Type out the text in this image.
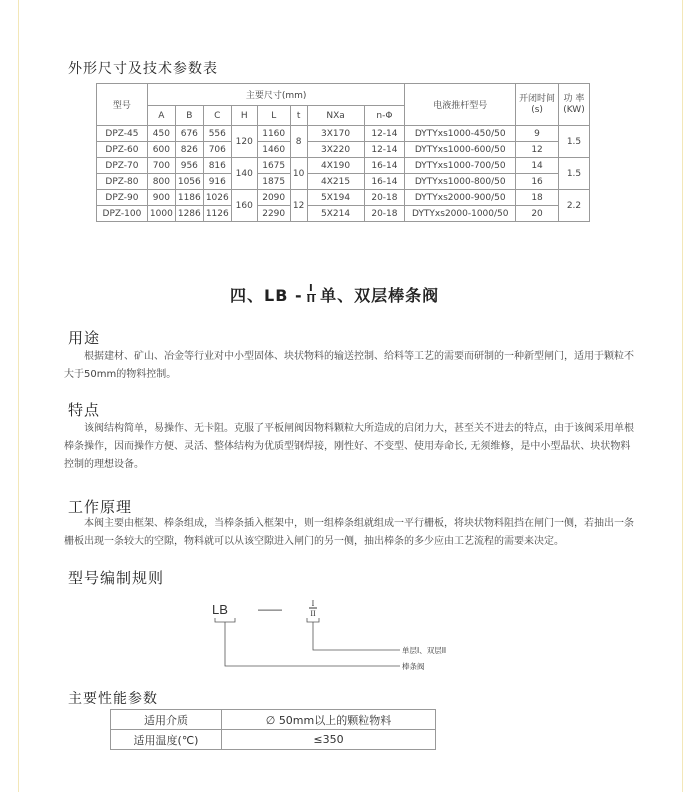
外形尺寸及技术参数表
型号	主要尺寸(mm)								电液推杆型号	开闭时间
(s)	功 率
(KW)
	A	B	C	H	L	t	NXa	n-Φ			
DPZ-45	450	676	556	120	1160	8	3X170	12-14	DYTYxs1000-450/50	9	1.5
DPZ-60	600	826	706		1460		3X220	12-14	DYTYxs1000-600/50	12	
DPZ-70	700	956	816	140	1675	10	4X190	16-14	DYTYxs1000-700/50	14	1.5
DPZ-80	800	1056	916		1875		4X215	16-14	DYTYxs1000-800/50	16	
DPZ-90	900	1186	1026	160	2090	12	5X194	20-18	DYTYxs2000-900/50	18	2.2
DPZ-100	1000	1286	1126		2290		5X214	20-18	DYTYxs2000-1000/50	20	
四、LB - $\frac{I}{II}$ 单、双层棒条阀
用途

　　根据建材、矿山、冶金等行业对中小型固体、块状物料的输送控制、给料等工艺的需要而研制的一种新型闸门，适用于颗粒不大于50mm的物料控制。

特点

　　该阀结构简单，易操作、无卡阻。克服了平板闸阀因物料颗粒大所造成的启闭力大，甚至关不进去的特点，由于该阀采用单根棒条操作，因而操作方便、灵活、整体结构为优质型钢焊接，刚性好、不变型、使用寿命长, 无须维修，是中小型晶状、块状物料控制的理想设备。

工作原理

　　本阀主要由框架、棒条组成，当棒条插入框架中，则一组棒条组就组成一平行栅板，将块状物料阻挡在闸门一侧，若抽出一条栅板出现一条较大的空隙，物料就可以从该空隙进入闸门的另一侧，抽出棒条的多少应由工艺流程的需要来决定。

型号编制规则
LB	——	I
II
单层I、双层II
棒条阀
主要性能参数
适用介质	∅ 50mm以上的颗粒物料
适用温度(℃)	≤350
